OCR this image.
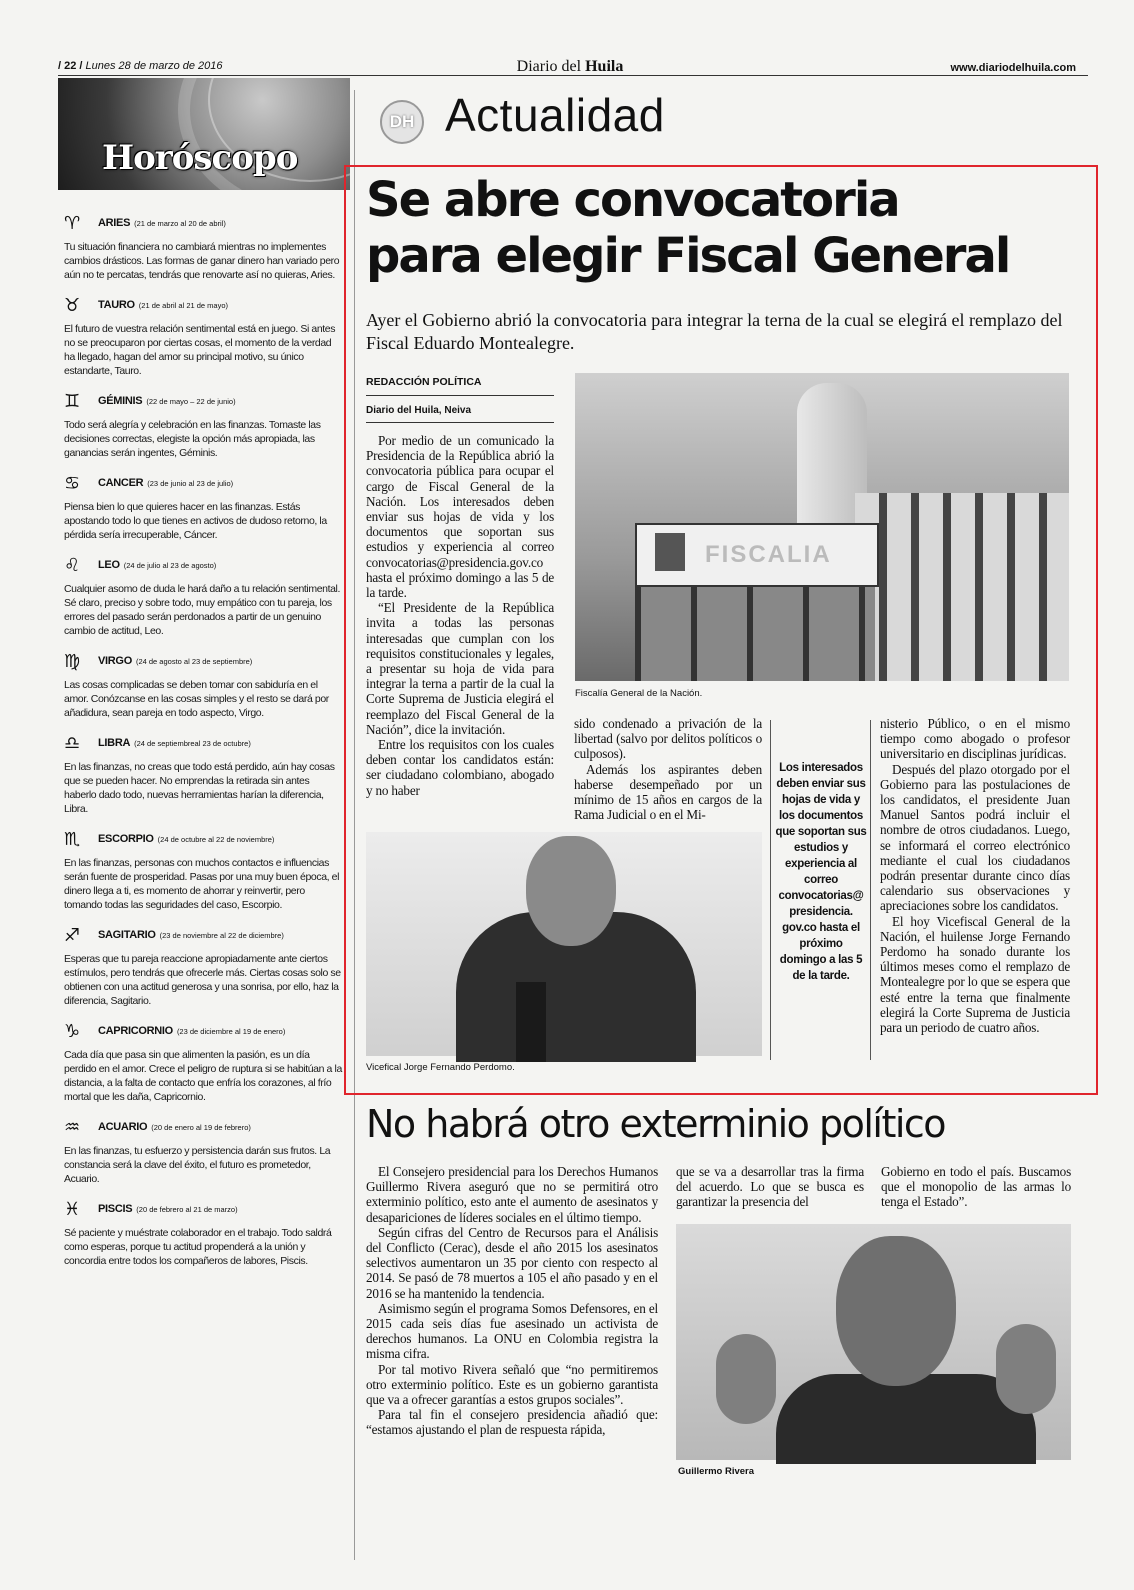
/ 22 / Lunes 28 de marzo de 2016	Diario del Huila	www.diariodelhuila.com
Horóscopo
♈	ARIES (21 de marzo al 20 de abril)

Tu situación financiera no cambiará mientras no implementes cambios drásticos. Las formas de ganar dinero han variado pero aún no te percatas, tendrás que renovarte así no quieras, Aries.

♉	TAURO (21 de abril al 21 de mayo)

El futuro de vuestra relación sentimental está en juego. Si antes no se preocuparon por ciertas cosas, el momento de la verdad ha llegado, hagan del amor su principal motivo, su único estandarte, Tauro.

♊	GÉMINIS (22 de mayo – 22 de junio)

Todo será alegría y celebración en las finanzas. Tomaste las decisiones correctas, elegiste la opción más apropiada, las ganancias serán ingentes, Géminis.

♋	CANCER (23 de junio al 23 de julio)

Piensa bien lo que quieres hacer en las finanzas. Estás apostando todo lo que tienes en activos de dudoso retorno, la pérdida sería irrecuperable, Cáncer.

♌	LEO (24 de julio al 23 de agosto)

Cualquier asomo de duda le hará daño a tu relación sentimental. Sé claro, preciso y sobre todo, muy empático con tu pareja, los errores del pasado serán perdonados a partir de un genuino cambio de actitud, Leo.

♍	VIRGO (24 de agosto al 23 de septiembre)

Las cosas complicadas se deben tomar con sabiduría en el amor. Conózcanse en las cosas simples y el resto se dará por añadidura, sean pareja en todo aspecto, Virgo.

♎	LIBRA (24 de septiembreal 23 de octubre)

En las finanzas, no creas que todo está perdido, aún hay cosas que se pueden hacer. No emprendas la retirada sin antes haberlo dado todo, nuevas herramientas harían la diferencia, Libra.

♏	ESCORPIO (24 de octubre al 22 de noviembre)

En las finanzas, personas con muchos contactos e influencias serán fuente de prosperidad. Pasas por una muy buen época, el dinero llega a ti, es momento de ahorrar y reinvertir, pero tomando todas las seguridades del caso, Escorpio.

♐	SAGITARIO (23 de noviembre al 22 de diciembre)

Esperas que tu pareja reaccione apropiadamente ante ciertos estímulos, pero tendrás que ofrecerle más. Ciertas cosas solo se obtienen con una actitud generosa y una sonrisa, por ello, haz la diferencia, Sagitario.

♑	CAPRICORNIO (23 de diciembre al 19 de enero)

Cada día que pasa sin que alimenten la pasión, es un día perdido en el amor. Crece el peligro de ruptura si se habitúan a la distancia, a la falta de contacto que enfría los corazones, al frío mortal que les daña, Capricornio.

♒	ACUARIO (20 de enero al 19 de febrero)

En las finanzas, tu esfuerzo y persistencia darán sus frutos. La constancia será la clave del éxito, el futuro es prometedor, Acuario.

♓	PISCIS (20 de febrero al 21 de marzo)

Sé paciente y muéstrate colaborador en el trabajo. Todo saldrá como esperas, porque tu actitud propenderá a la unión y concordia entre todos los compañeros de labores, Piscis.

DH Actualidad
Se abre convocatoria
para elegir Fiscal General
Ayer el Gobierno abrió la convocatoria para integrar la terna de la cual se elegirá el remplazo del Fiscal Eduardo Montealegre.
REDACCIÓN POLÍTICA
Diario del Huila, Neiva

Por medio de un comunicado la Presidencia de la República abrió la convocatoria pública para ocupar el cargo de Fiscal General de la Nación. Los interesados deben enviar sus hojas de vida y los documentos que soportan sus estudios y experiencia al correo convocatorias@presidencia.gov.co hasta el próximo domingo a las 5 de la tarde.

“El Presidente de la República invita a todas las personas interesadas que cumplan con los requisitos constitucionales y legales, a presentar su hoja de vida para integrar la terna a partir de la cual la Corte Suprema de Justicia elegirá el reemplazo del Fiscal General de la Nación”, dice la invitación.

Entre los requisitos con los cuales deben contar los candidatos están: ser ciudadano colombiano, abogado y no haber

FISCALIA
Fiscalía General de la Nación.

sido condenado a privación de la libertad (salvo por delitos políticos o culposos).

Además los aspirantes deben haberse desempeñado por un mínimo de 15 años en cargos de la Rama Judicial o en el Mi-

Los interesados deben enviar sus hojas de vida y los documentos que soportan sus estudios y experiencia al correo convocatorias@ presidencia. gov.co hasta el próximo domingo a las 5 de la tarde.

nisterio Público, o en el mismo tiempo como abogado o profesor universitario en disciplinas jurídicas.

Después del plazo otorgado por el Gobierno para las postulaciones de los candidatos, el presidente Juan Manuel Santos podrá incluir el nombre de otros ciudadanos. Luego, se informará el correo electrónico mediante el cual los ciudadanos podrán presentar durante cinco días calendario sus observaciones y apreciaciones sobre los candidatos.

El hoy Vicefiscal General de la Nación, el huilense Jorge Fernando Perdomo ha sonado durante los últimos meses como el remplazo de Montealegre por lo que se espera que esté entre la terna que finalmente elegirá la Corte Suprema de Justicia para un periodo de cuatro años.

Vicefical Jorge Fernando Perdomo.
No habrá otro exterminio político

El Consejero presidencial para los Derechos Humanos Guillermo Rivera aseguró que no se permitirá otro exterminio político, esto ante el aumento de asesinatos y desapariciones de líderes sociales en el último tiempo.

Según cifras del Centro de Recursos para el Análisis del Conflicto (Cerac), desde el año 2015 los asesinatos selectivos aumentaron un 35 por ciento con respecto al 2014. Se pasó de 78 muertos a 105 el año pasado y en el 2016 se ha mantenido la tendencia.

Asimismo según el programa Somos Defensores, en el 2015 cada seis días fue asesinado un activista de derechos humanos. La ONU en Colombia registra la misma cifra.

Por tal motivo Rivera señaló que “no permitiremos otro exterminio político. Este es un gobierno garantista que va a ofrecer garantías a estos grupos sociales”.

Para tal fin el consejero presidencia añadió que: “estamos ajustando el plan de respuesta rápida,

que se va a desarrollar tras la firma del acuerdo. Lo que se busca es garantizar la presencia del

Gobierno en todo el país. Buscamos que el monopolio de las armas lo tenga el Estado”.

Guillermo Rivera
